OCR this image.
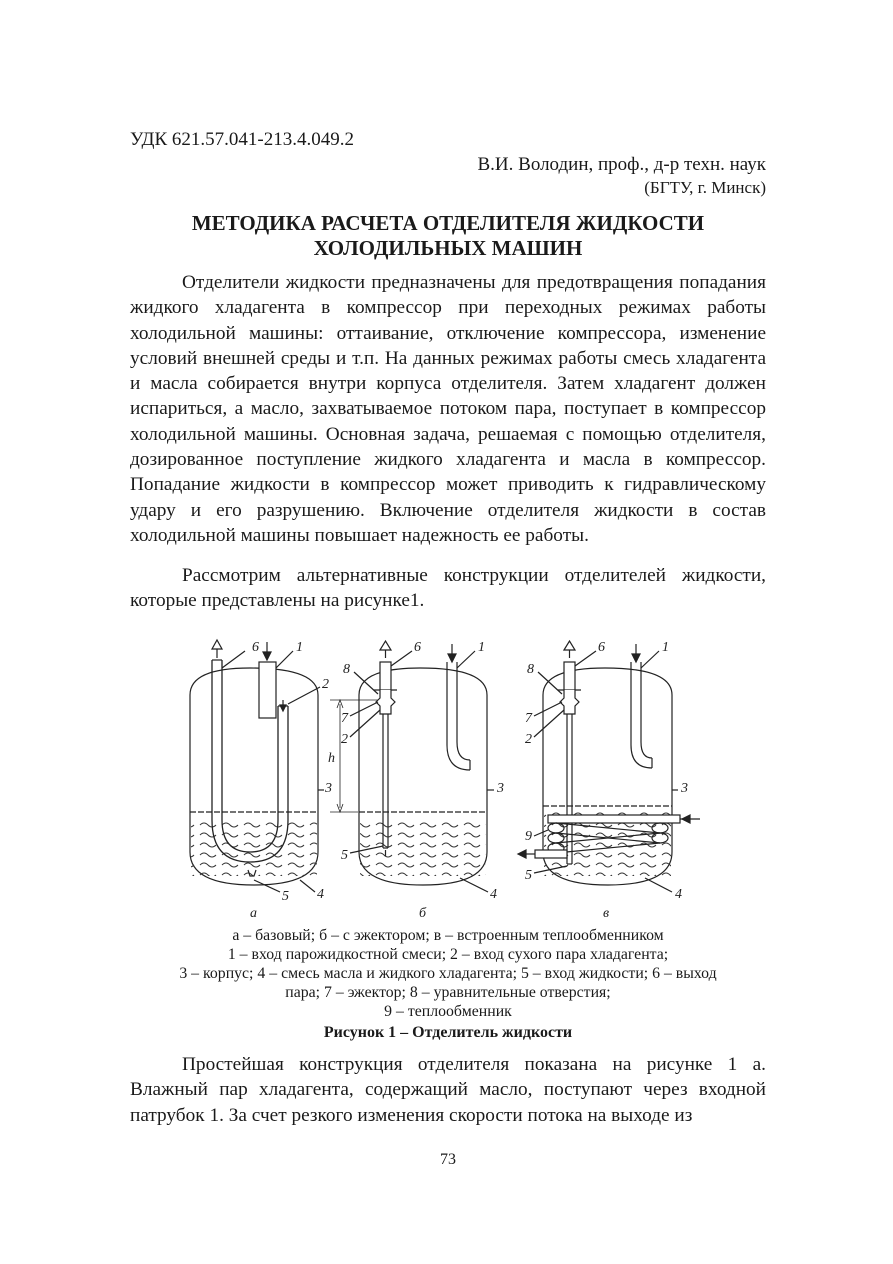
УДК 621.57.041-213.4.049.2
В.И. Володин, проф., д-р техн. наук
(БГТУ, г. Минск)
МЕТОДИКА РАСЧЕТА ОТДЕЛИТЕЛЯ ЖИДКОСТИ
ХОЛОДИЛЬНЫХ МАШИН

Отделители жидкости предназначены для предотвращения попадания жидкого хладагента в компрессор при переходных режимах работы холодильной машины: оттаивание, отключение компрессора, изменение условий внешней среды и т.п. На данных режимах работы смесь хладагента и масла собирается внутри корпуса отделителя. Затем хладагент должен испариться, а масло, захватываемое потоком пара, поступает в компрессор холодильной машины. Основная задача, решаемая с помощью отделителя, дозированное поступление жидкого хладагента и масла в компрессор. Попадание жидкости в компрессор может приводить к гидравлическому удару и его разрушению. Включение отделителя жидкости в состав холодильной машины повышает надежность ее работы.

Рассмотрим альтернативные конструкции отделителей жидкости, которые представлены на рисунке1.

6	1
2
3
5 4
а
6	1
8
7
2
h
3
5
4
б
6	1
8
7
2
3
9
5
4
в
а – базовый; б – с эжектором; в – встроенным теплообменником
1 – вход парожидкостной смеси; 2 – вход сухого пара хладагента;
3 – корпус; 4 – смесь масла и жидкого хладагента; 5 – вход жидкости; 6 – выход
пара; 7 – эжектор; 8 – уравнительные отверстия;
9 – теплообменник
Рисунок 1 – Отделитель жидкости

Простейшая конструкция отделителя показана на рисунке 1 а. Влажный пар хладагента, содержащий масло, поступают через входной патрубок 1. За счет резкого изменения скорости потока на выходе из

73
